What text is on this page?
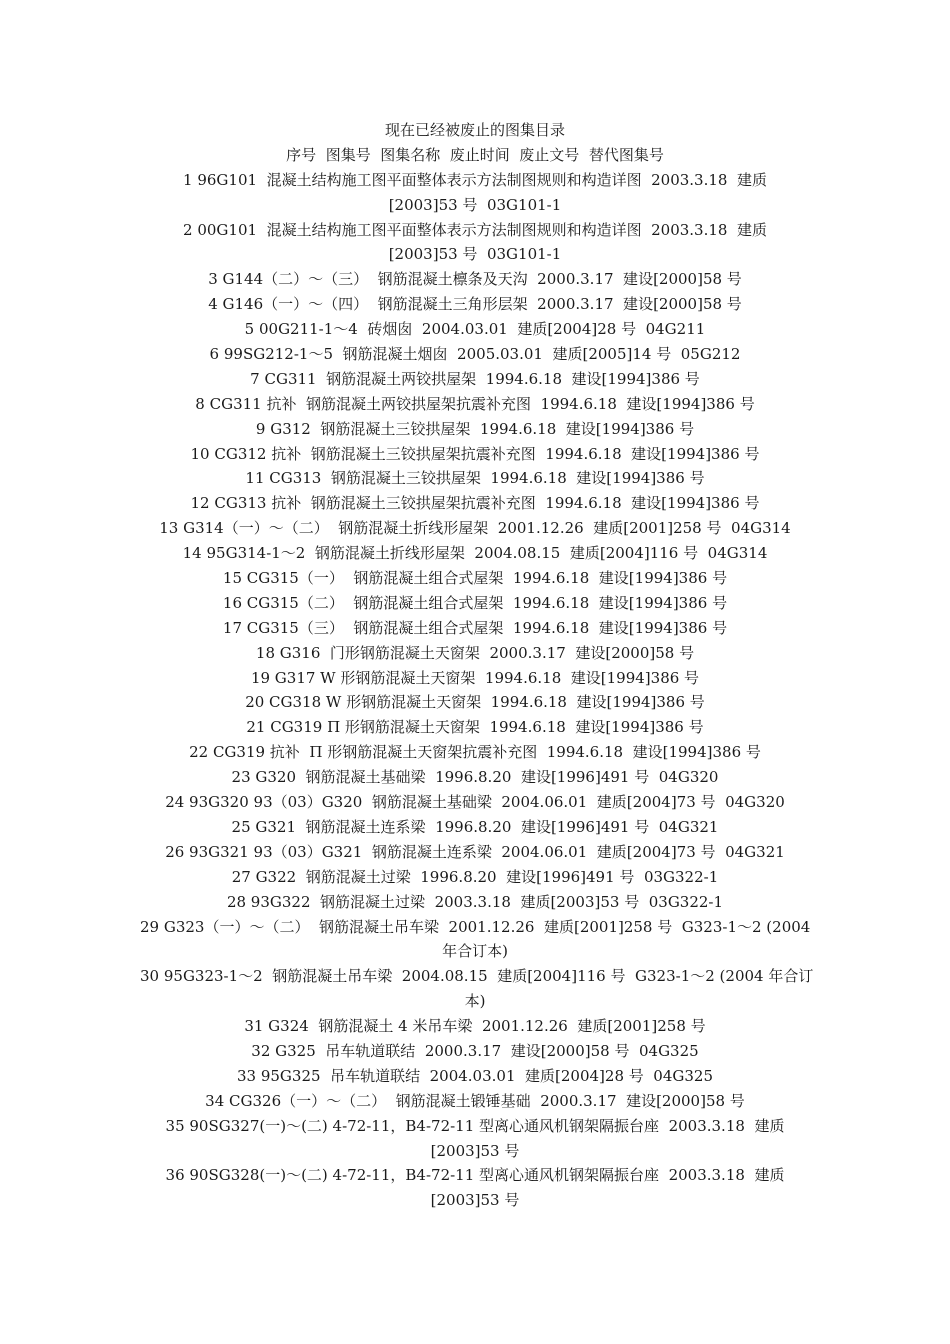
现在已经被废止的图集目录
序号  图集号  图集名称  废止时间  废止文号  替代图集号
1 96G101  混凝土结构施工图平面整体表示方法制图规则和构造详图  2003.3.18  建质
[2003]53 号  03G101-1
2 00G101  混凝土结构施工图平面整体表示方法制图规则和构造详图  2003.3.18  建质
[2003]53 号  03G101-1
3 G144（二）～（三）  钢筋混凝土檩条及天沟  2000.3.17  建设[2000]58 号
4 G146（一）～（四）  钢筋混凝土三角形层架  2000.3.17  建设[2000]58 号
5 00G211-1～4  砖烟囱  2004.03.01  建质[2004]28 号  04G211
6 99SG212-1～5  钢筋混凝土烟囱  2005.03.01  建质[2005]14 号  05G212
7 CG311  钢筋混凝土两铰拱屋架  1994.6.18  建设[1994]386 号
8 CG311 抗补  钢筋混凝土两铰拱屋架抗震补充图  1994.6.18  建设[1994]386 号
9 G312  钢筋混凝土三铰拱屋架  1994.6.18  建设[1994]386 号
10 CG312 抗补  钢筋混凝土三铰拱屋架抗震补充图  1994.6.18  建设[1994]386 号
11 CG313  钢筋混凝土三铰拱屋架  1994.6.18  建设[1994]386 号
12 CG313 抗补  钢筋混凝土三铰拱屋架抗震补充图  1994.6.18  建设[1994]386 号
13 G314（一）～（二）  钢筋混凝土折线形屋架  2001.12.26  建质[2001]258 号  04G314
14 95G314-1～2  钢筋混凝土折线形屋架  2004.08.15  建质[2004]116 号  04G314
15 CG315（一）  钢筋混凝土组合式屋架  1994.6.18  建设[1994]386 号
16 CG315（二）  钢筋混凝土组合式屋架  1994.6.18  建设[1994]386 号
17 CG315（三）  钢筋混凝土组合式屋架  1994.6.18  建设[1994]386 号
18 G316  门形钢筋混凝土天窗架  2000.3.17  建设[2000]58 号
19 G317 W 形钢筋混凝土天窗架  1994.6.18  建设[1994]386 号
20 CG318 W 形钢筋混凝土天窗架  1994.6.18  建设[1994]386 号
21 CG319 Π 形钢筋混凝土天窗架  1994.6.18  建设[1994]386 号
22 CG319 抗补  Π 形钢筋混凝土天窗架抗震补充图  1994.6.18  建设[1994]386 号
23 G320  钢筋混凝土基础梁  1996.8.20  建设[1996]491 号  04G320
24 93G320 93（03）G320  钢筋混凝土基础梁  2004.06.01  建质[2004]73 号  04G320
25 G321  钢筋混凝土连系梁  1996.8.20  建设[1996]491 号  04G321
26 93G321 93（03）G321  钢筋混凝土连系梁  2004.06.01  建质[2004]73 号  04G321
27 G322  钢筋混凝土过梁  1996.8.20  建设[1996]491 号  03G322-1
28 93G322  钢筋混凝土过梁  2003.3.18  建质[2003]53 号  03G322-1
29 G323（一）～（二）  钢筋混凝土吊车梁  2001.12.26  建质[2001]258 号  G323-1～2 (2004
年合订本)
30 95G323-1～2  钢筋混凝土吊车梁  2004.08.15  建质[2004]116 号  G323-1～2 (2004 年合订
本)
31 G324  钢筋混凝土 4 米吊车梁  2001.12.26  建质[2001]258 号
32 G325  吊车轨道联结  2000.3.17  建设[2000]58 号  04G325
33 95G325  吊车轨道联结  2004.03.01  建质[2004]28 号  04G325
34 CG326（一）～（二）  钢筋混凝土锻锤基础  2000.3.17  建设[2000]58 号
35 90SG327(一)～(二) 4-72-11，B4-72-11 型离心通风机钢架隔振台座  2003.3.18  建质
[2003]53 号
36 90SG328(一)～(二) 4-72-11，B4-72-11 型离心通风机钢架隔振台座  2003.3.18  建质
[2003]53 号
